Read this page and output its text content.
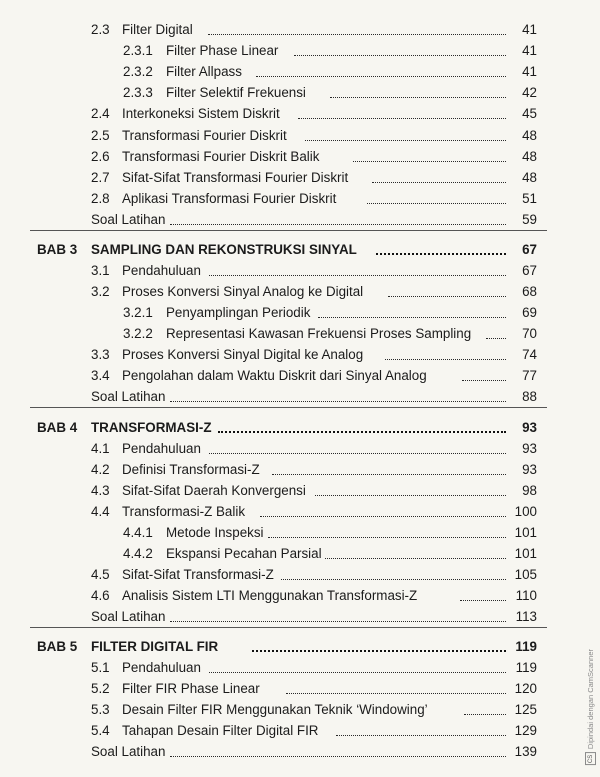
2.3 Filter Digital	41
2.3.1 Filter Phase Linear	41
2.3.2 Filter Allpass	41
2.3.3 Filter Selektif Frekuensi	42
2.4 Interkoneksi Sistem Diskrit	45
2.5 Transformasi Fourier Diskrit	48
2.6 Transformasi Fourier Diskrit Balik	48
2.7 Sifat-Sifat Transformasi Fourier Diskrit	48
2.8 Aplikasi Transformasi Fourier Diskrit	51
Soal Latihan	59
BAB 3 SAMPLING DAN REKONSTRUKSI SINYAL	67
3.1 Pendahuluan	67
3.2 Proses Konversi Sinyal Analog ke Digital	68
3.2.1 Penyamplingan Periodik	69
3.2.2 Representasi Kawasan Frekuensi Proses Sampling	70
3.3 Proses Konversi Sinyal Digital ke Analog	74
3.4 Pengolahan dalam Waktu Diskrit dari Sinyal Analog	77
Soal Latihan	88
BAB 4 TRANSFORMASI-Z	93
4.1 Pendahuluan	93
4.2 Definisi Transformasi-Z	93
4.3 Sifat-Sifat Daerah Konvergensi	98
4.4 Transformasi-Z Balik	100
4.4.1 Metode Inspeksi	101
4.4.2 Ekspansi Pecahan Parsial	101
4.5 Sifat-Sifat Transformasi-Z	105
4.6 Analisis Sistem LTI Menggunakan Transformasi-Z	110
Soal Latihan	113
BAB 5 FILTER DIGITAL FIR	119
5.1 Pendahuluan	119
5.2 Filter FIR Phase Linear	120
5.3 Desain Filter FIR Menggunakan Teknik ‘Windowing’	125
5.4 Tahapan Desain Filter Digital FIR	129
Soal Latihan	139	CS
Dipindai dengan CamScanner
